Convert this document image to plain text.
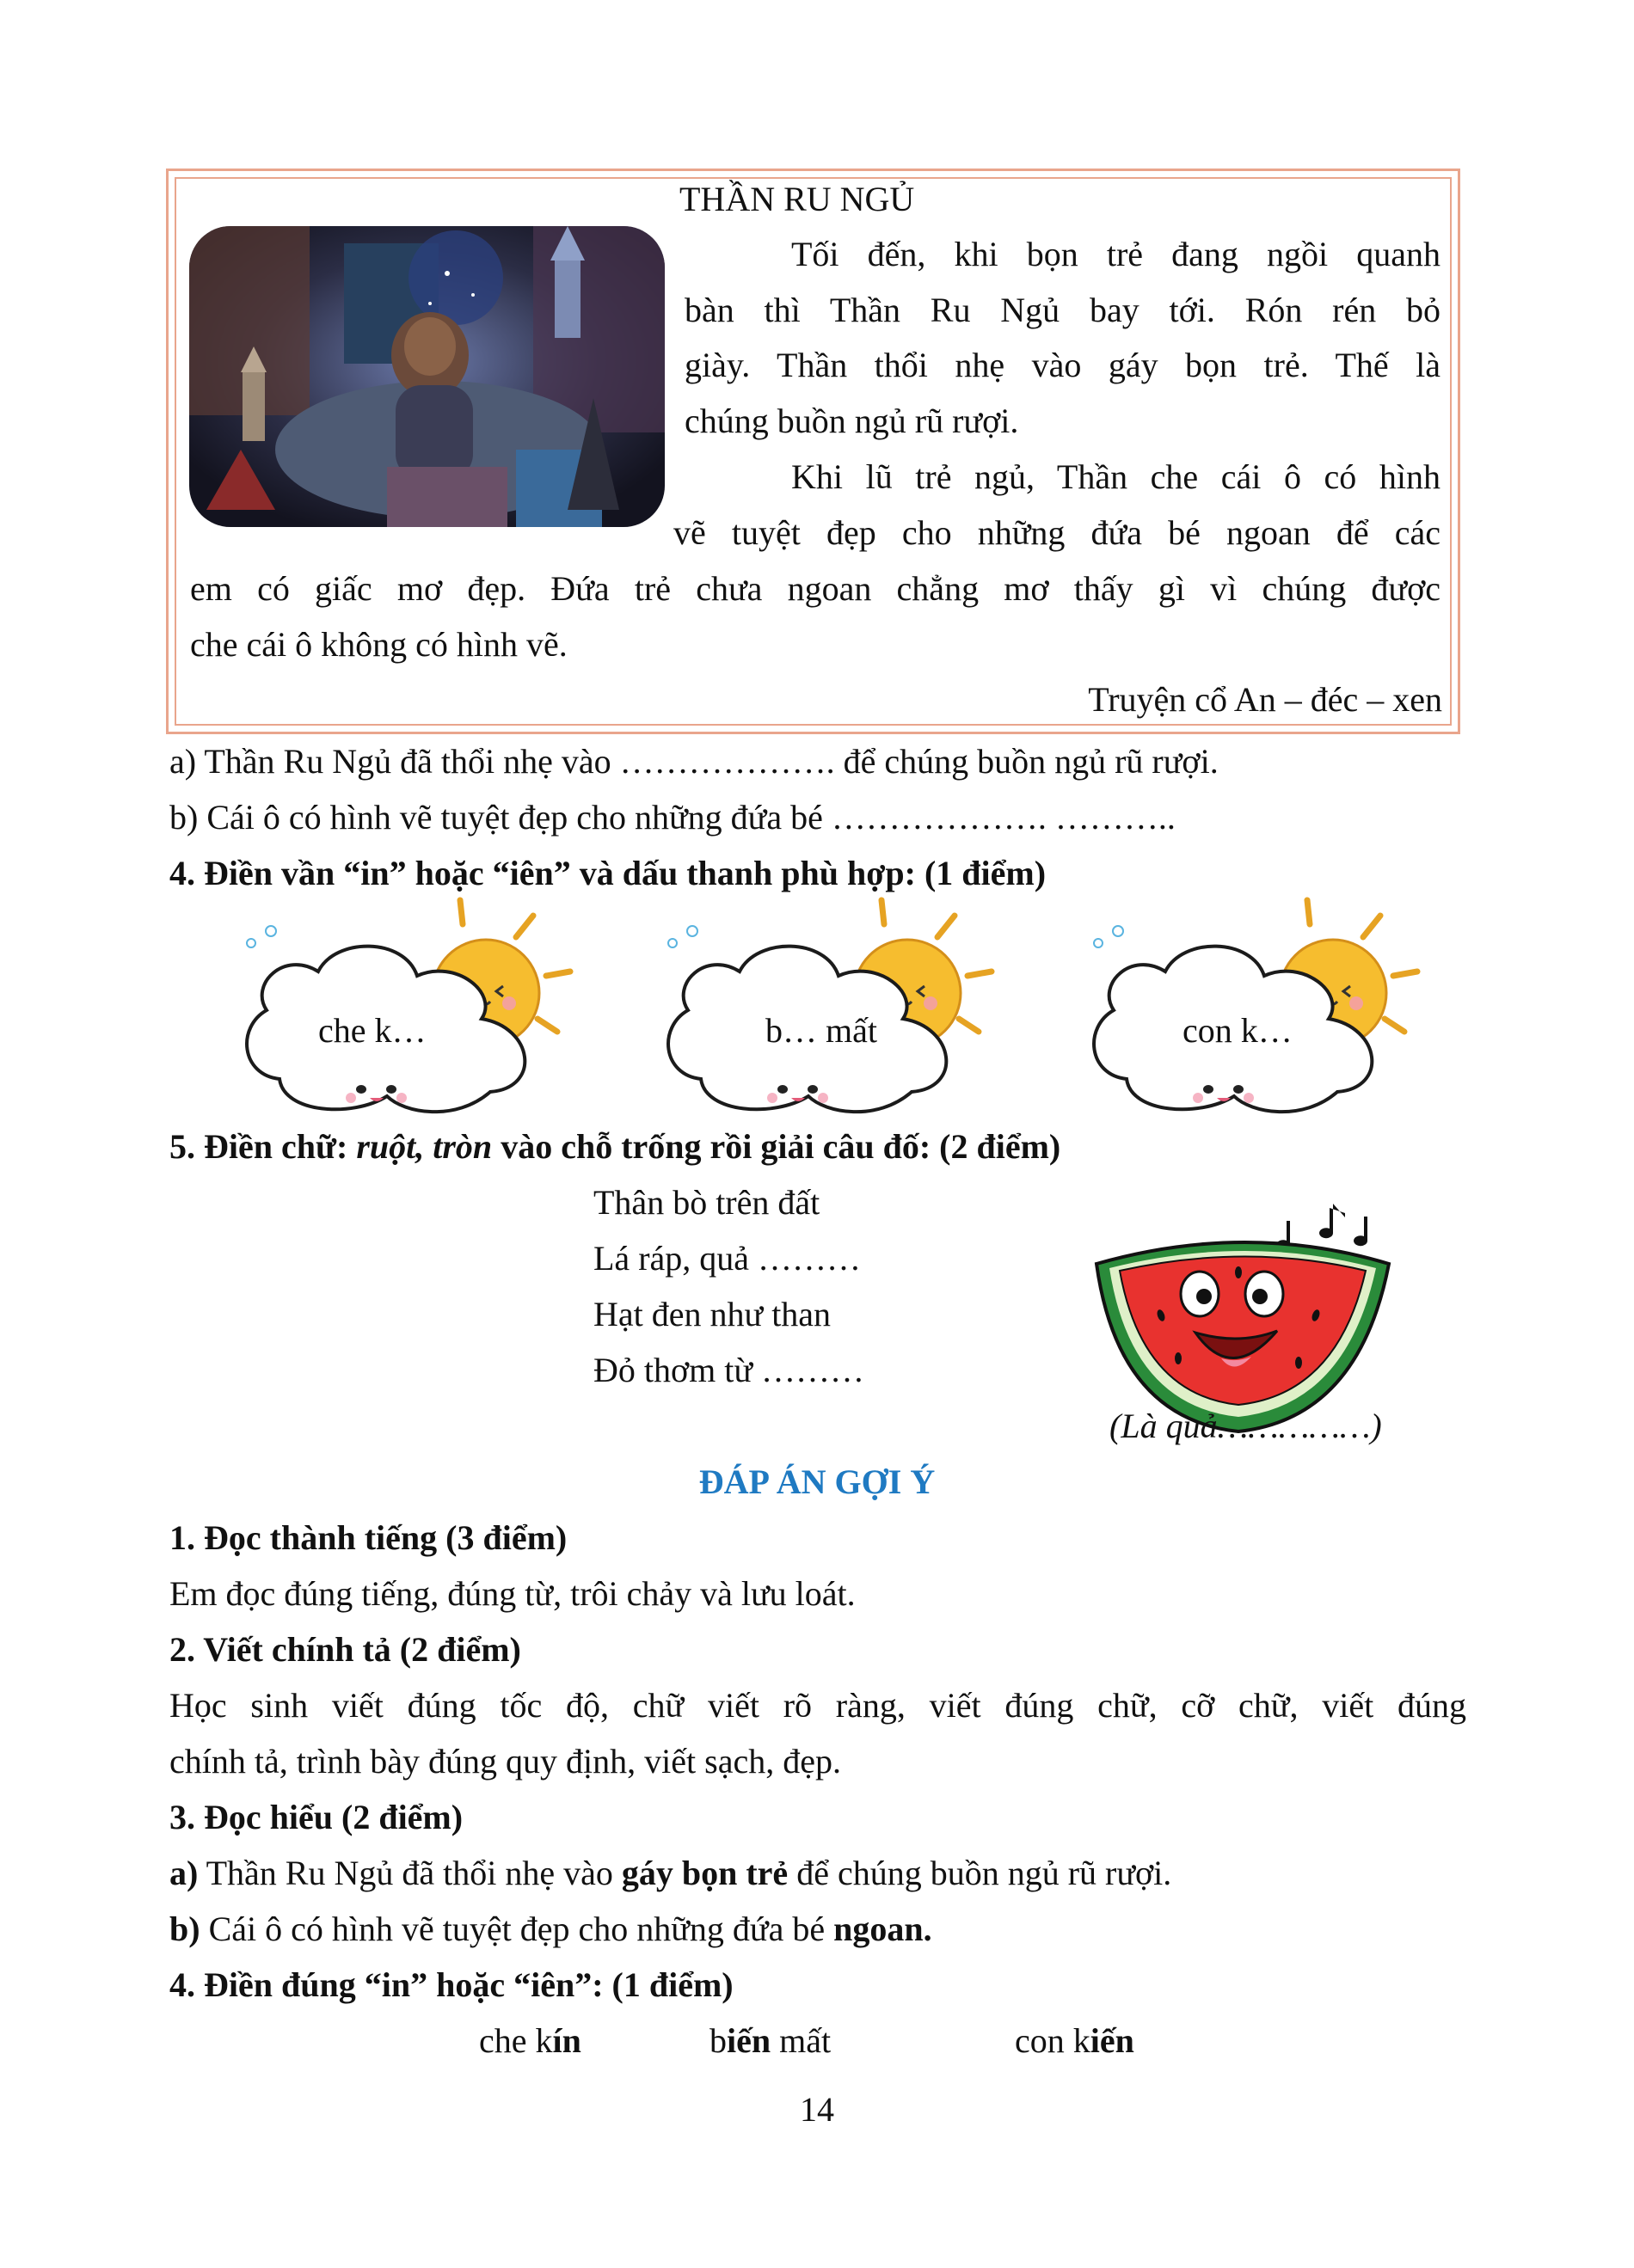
THẦN RU NGỦ
Tối đến, khi bọn trẻ đang ngồi quanh
bàn thì Thần Ru Ngủ bay tới. Rón rén bỏ
giày. Thần thổi nhẹ vào gáy bọn trẻ. Thế là
chúng buồn ngủ rũ rượi.
Khi lũ trẻ ngủ, Thần che cái ô có hình
vẽ tuyệt đẹp cho những đứa bé ngoan để các
em có giấc mơ đẹp. Đứa trẻ chưa ngoan chẳng mơ thấy gì vì chúng được
che cái ô không có hình vẽ.
Truyện cổ An – đéc – xen
a) Thần Ru Ngủ đã thổi nhẹ vào ………………. để chúng buồn ngủ rũ rượi.
b) Cái ô có hình vẽ tuyệt đẹp cho những đứa bé ………………. ………..
4. Điền vần “in” hoặc “iên” và dấu thanh phù hợp: (1 điểm)
che k…	b… mất	con k…
5. Điền chữ: ruột, tròn vào chỗ trống rồi giải câu đố: (2 điểm)
Thân bò trên đất
Lá ráp, quả ………
Hạt đen như than
Đỏ thơm từ ………
(Là quả……………)
ĐÁP ÁN GỢI Ý
1. Đọc thành tiếng (3 điểm)
Em đọc đúng tiếng, đúng từ, trôi chảy và lưu loát.
2. Viết chính tả (2 điểm)
Học sinh viết đúng tốc độ, chữ viết rõ ràng, viết đúng chữ, cỡ chữ, viết đúng
chính tả, trình bày đúng quy định, viết sạch, đẹp.
3. Đọc hiểu (2 điểm)
a) Thần Ru Ngủ đã thổi nhẹ vào gáy bọn trẻ để chúng buồn ngủ rũ rượi.
b) Cái ô có hình vẽ tuyệt đẹp cho những đứa bé ngoan.
4. Điền đúng “in” hoặc “iên”: (1 điểm)
che kín	biến mất	con kiến
14
